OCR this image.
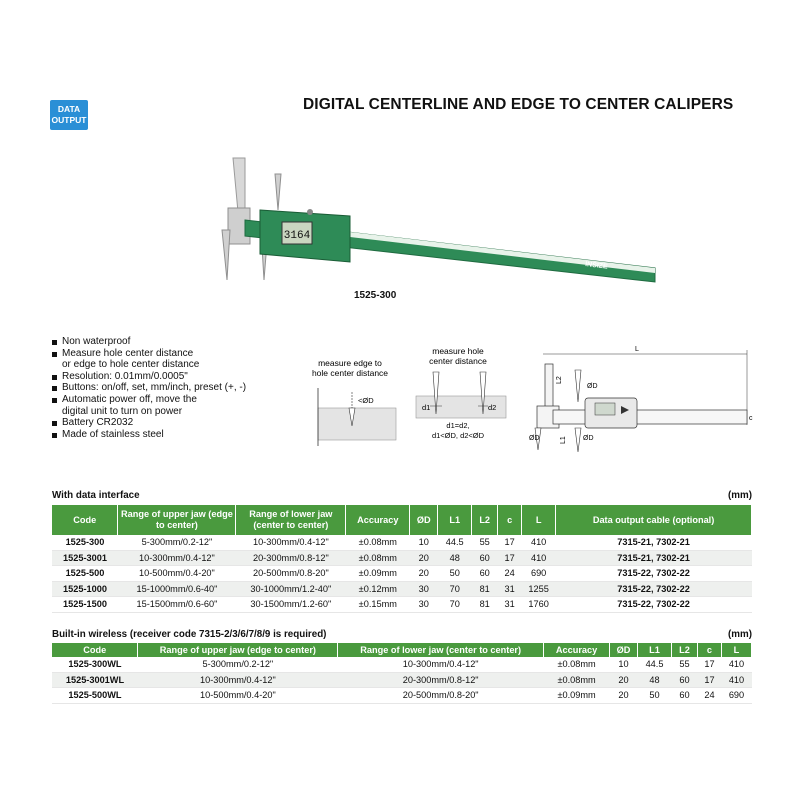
DATA
OUTPUT
DIGITAL CENTERLINE AND EDGE TO CENTER CALIPERS
3164
INSIZE
1525-300
Non waterproof
Measure hole center distance
or edge to hole center distance
Resolution: 0.01mm/0.0005"
Buttons: on/off, set, mm/inch, preset (+, -)
Automatic power off, move the
digital unit to turn on power
Battery CR2032
Made of stainless steel
measure edge to
hole center distance
<ØD
measure hole
center distance
d1	d2
d1=d2,
d1<ØD, d2<ØD
L
L2
L1
ØD
ØD	ØD
c
With data interface	(mm)
Code	Range of upper jaw (edge to center)	Range of lower jaw (center to center)	Accuracy	ØD	L1	L2	c	L	Data output cable (optional)
1525-300	5-300mm/0.2-12"	10-300mm/0.4-12"	±0.08mm	10	44.5	55	17	410	7315-21, 7302-21
1525-3001	10-300mm/0.4-12"	20-300mm/0.8-12"	±0.08mm	20	48	60	17	410	7315-21, 7302-21
1525-500	10-500mm/0.4-20"	20-500mm/0.8-20"	±0.09mm	20	50	60	24	690	7315-22, 7302-22
1525-1000	15-1000mm/0.6-40"	30-1000mm/1.2-40"	±0.12mm	30	70	81	31	1255	7315-22, 7302-22
1525-1500	15-1500mm/0.6-60"	30-1500mm/1.2-60"	±0.15mm	30	70	81	31	1760	7315-22, 7302-22
Built-in wireless (receiver code 7315-2/3/6/7/8/9 is required)	(mm)
Code	Range of upper jaw (edge to center)	Range of lower jaw (center to center)	Accuracy	ØD	L1	L2	c	L
1525-300WL	5-300mm/0.2-12"	10-300mm/0.4-12"	±0.08mm	10	44.5	55	17	410
1525-3001WL	10-300mm/0.4-12"	20-300mm/0.8-12"	±0.08mm	20	48	60	17	410
1525-500WL	10-500mm/0.4-20"	20-500mm/0.8-20"	±0.09mm	20	50	60	24	690
